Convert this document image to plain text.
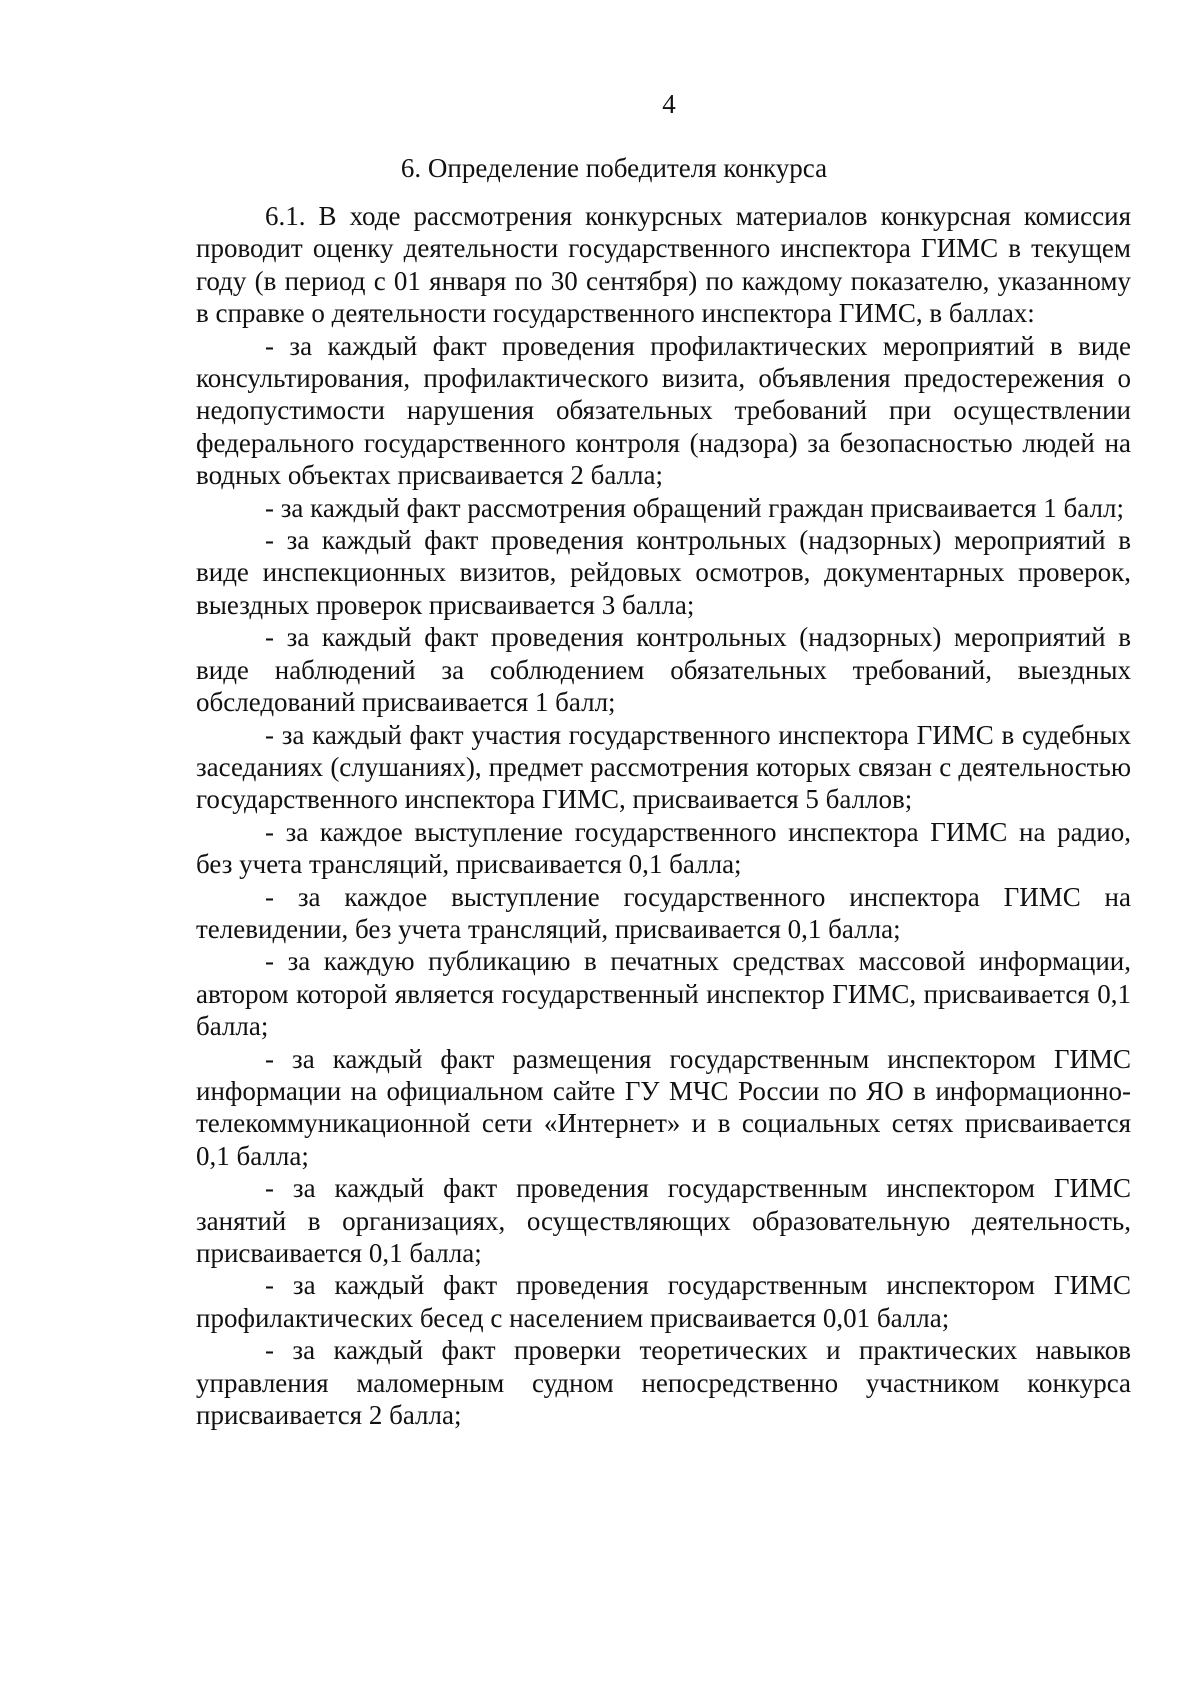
4
6. Определение победителя конкурса

6.1. В ходе рассмотрения конкурсных материалов конкурсная комиссия проводит оценку деятельности государственного инспектора ГИМС в текущем году (в период с 01 января по 30 сентября) по каждому показателю, указанному в справке о деятельности государственного инспектора ГИМС, в баллах:

- за каждый факт проведения профилактических мероприятий в виде консультирования, профилактического визита, объявления предостережения о недопустимости нарушения обязательных требований при осуществлении федерального государственного контроля (надзора) за безопасностью людей на водных объектах присваивается 2 балла;

- за каждый факт рассмотрения обращений граждан присваивается 1 балл;

- за каждый факт проведения контрольных (надзорных) мероприятий в виде инспекционных визитов, рейдовых осмотров, документарных проверок, выездных проверок присваивается 3 балла;

- за каждый факт проведения контрольных (надзорных) мероприятий в виде наблюдений за соблюдением обязательных требований, выездных обследований присваивается 1 балл;

- за каждый факт участия государственного инспектора ГИМС в судебных заседаниях (слушаниях), предмет рассмотрения которых связан с деятельностью государственного инспектора ГИМС, присваивается 5 баллов;

- за каждое выступление государственного инспектора ГИМС на радио, без учета трансляций, присваивается 0,1 балла;

- за каждое выступление государственного инспектора ГИМС на телевидении, без учета трансляций, присваивается 0,1 балла;

- за каждую публикацию в печатных средствах массовой информации, автором которой является государственный инспектор ГИМС, присваивается 0,1 балла;

- за каждый факт размещения государственным инспектором ГИМС информации на официальном сайте ГУ МЧС России по ЯО в информационно-телекоммуникационной сети «Интернет» и в социальных сетях присваивается 0,1 балла;

- за каждый факт проведения государственным инспектором ГИМС занятий в организациях, осуществляющих образовательную деятельность, присваивается 0,1 балла;

- за каждый факт проведения государственным инспектором ГИМС профилактических бесед с населением присваивается 0,01 балла;

- за каждый факт проверки теоретических и практических навыков управления маломерным судном непосредственно участником конкурса присваивается 2 балла;
